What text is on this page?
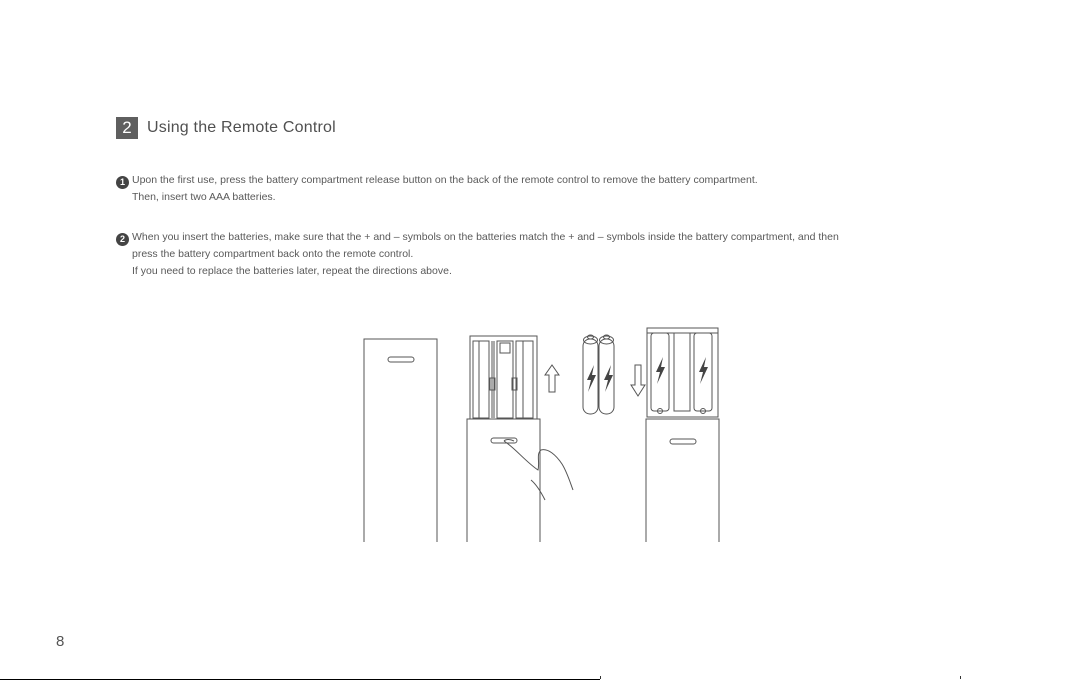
2 Using the Remote Control
1 Upon the first use, press the battery compartment release button on the back of the remote control to remove the battery compartment.
Then, insert two AAA batteries.
2 When you insert the batteries, make sure that the + and – symbols on the batteries match the + and – symbols inside the battery compartment, and then
press the battery compartment back onto the remote control.
If you need to replace the batteries later, repeat the directions above.
8
